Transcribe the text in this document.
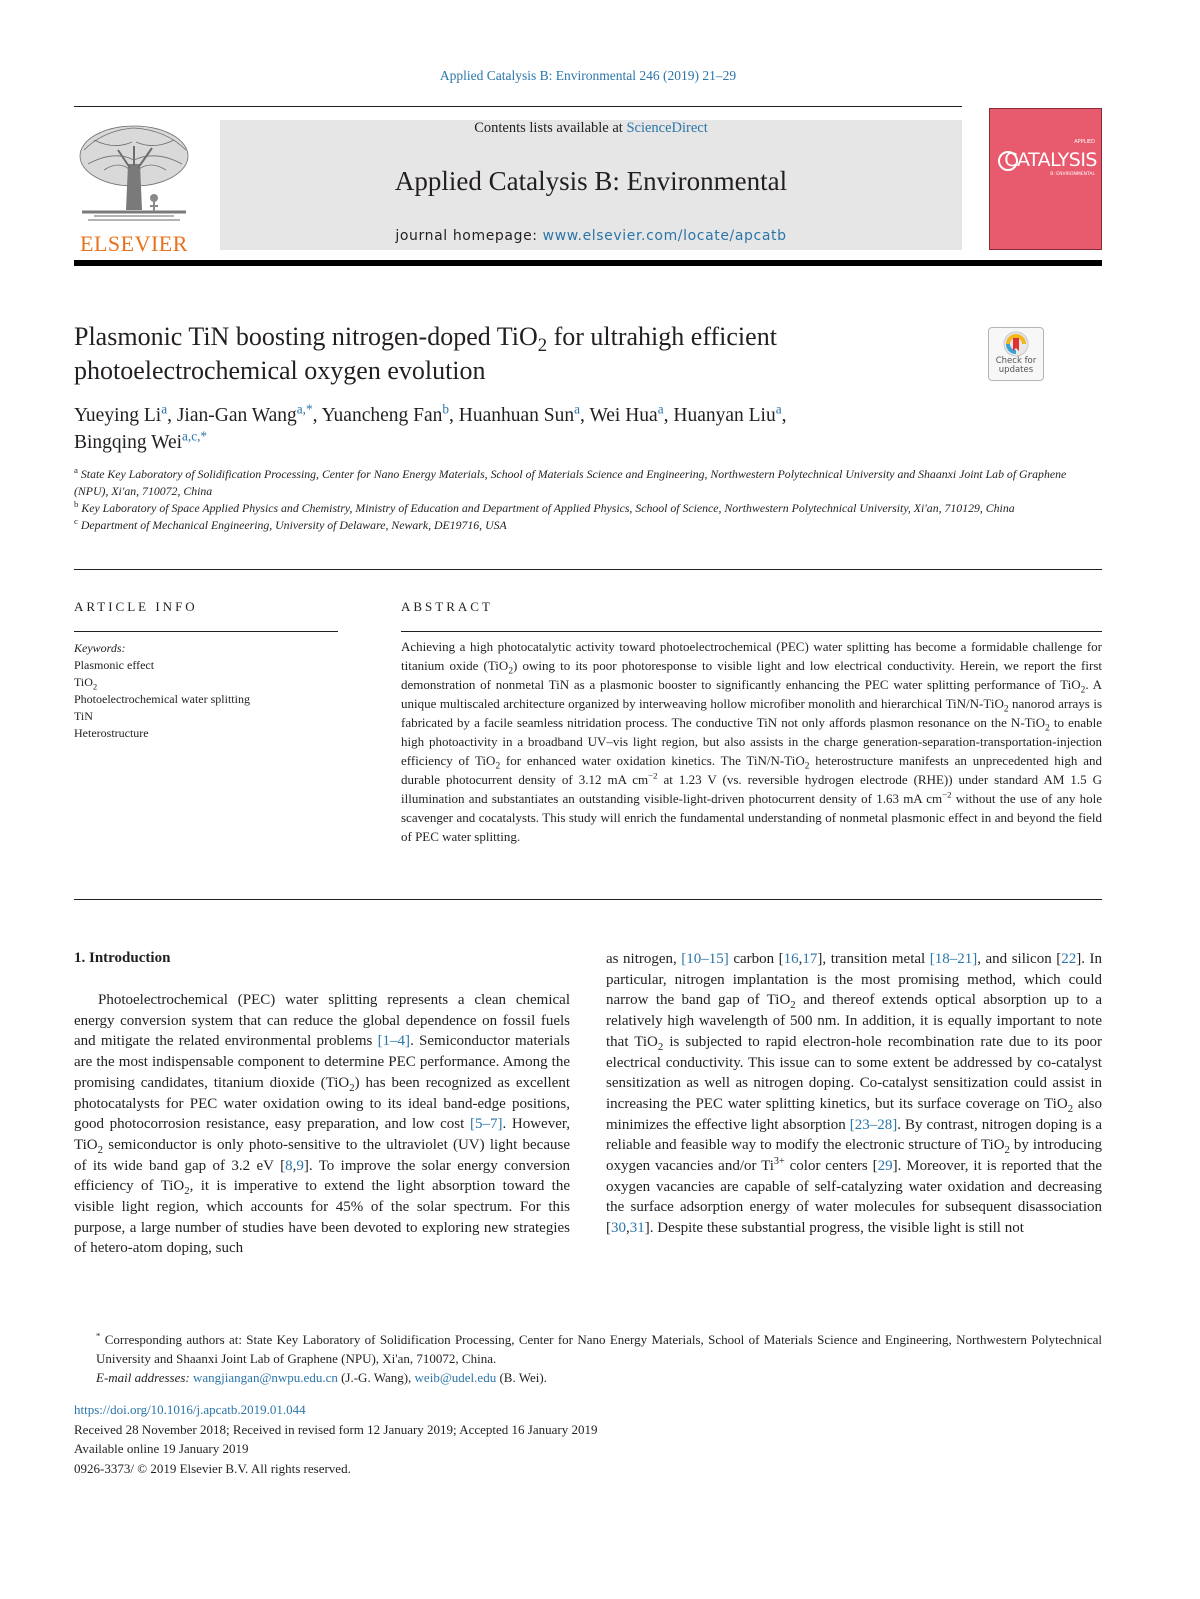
Applied Catalysis B: Environmental 246 (2019) 21–29
ELSEVIER
Contents lists available at ScienceDirect
Applied Catalysis B: Environmental
journal homepage: www.elsevier.com/locate/apcatb
APPLIED
CATALYSIS
B: ENVIRONMENTAL
Plasmonic TiN boosting nitrogen-doped TiO$_2$ for ultrahigh efficient
photoelectrochemical oxygen evolution	Check for
updates
Yueying Li$^a$, Jian-Gan Wang$^{a,*}$, Yuancheng Fan$^b$, Huanhuan Sun$^a$, Wei Hua$^a$, Huanyan Liu$^a$,
Bingqing Wei$^{a,c,*}$
$^a$ State Key Laboratory of Solidification Processing, Center for Nano Energy Materials, School of Materials Science and Engineering, Northwestern Polytechnical University and Shaanxi Joint Lab of Graphene (NPU), Xi'an, 710072, China
$^b$ Key Laboratory of Space Applied Physics and Chemistry, Ministry of Education and Department of Applied Physics, School of Science, Northwestern Polytechnical University, Xi'an, 710129, China
$^c$ Department of Mechanical Engineering, University of Delaware, Newark, DE19716, USA
ARTICLE INFO
Keywords:
Plasmonic effect
TiO$_2$
Photoelectrochemical water splitting
TiN
Heterostructure
ABSTRACT
Achieving a high photocatalytic activity toward photoelectrochemical (PEC) water splitting has become a formidable challenge for titanium oxide (TiO$_2$) owing to its poor photoresponse to visible light and low electrical conductivity. Herein, we report the first demonstration of nonmetal TiN as a plasmonic booster to significantly enhancing the PEC water splitting performance of TiO$_2$. A unique multiscaled architecture organized by interweaving hollow microfiber monolith and hierarchical TiN/N-TiO$_2$ nanorod arrays is fabricated by a facile seamless nitridation process. The conductive TiN not only affords plasmon resonance on the N-TiO$_2$ to enable high photoactivity in a broadband UV–vis light region, but also assists in the charge generation-separation-transportation-injection efficiency of TiO$_2$ for enhanced water oxidation kinetics. The TiN/N-TiO$_2$ heterostructure manifests an unprecedented high and durable photocurrent density of 3.12 mA $cm^{-2}$ at 1.23 V (vs. reversible hydrogen electrode (RHE)) under standard AM 1.5 G illumination and substantiates an outstanding visible-light-driven photocurrent density of 1.63 mA $cm^{-2}$ without the use of any hole scavenger and cocatalysts. This study will enrich the fundamental understanding of nonmetal plasmonic effect in and beyond the field of PEC water splitting.
1. Introduction
Photoelectrochemical (PEC) water splitting represents a clean chemical energy conversion system that can reduce the global dependence on fossil fuels and mitigate the related environmental problems [1–4]. Semiconductor materials are the most indispensable component to determine PEC performance. Among the promising candidates, titanium dioxide (TiO$_2$) has been recognized as excellent photocatalysts for PEC water oxidation owing to its ideal band-edge positions, good photocorrosion resistance, easy preparation, and low cost [5–7]. However, TiO$_2$ semiconductor is only photo-sensitive to the ultraviolet (UV) light because of its wide band gap of 3.2 eV [8,9]. To improve the solar energy conversion efficiency of TiO$_2$, it is imperative to extend the light absorption toward the visible light region, which accounts for 45% of the solar spectrum. For this purpose, a large number of studies have been devoted to exploring new strategies of hetero-atom doping, such
as nitrogen, [10–15] carbon [16,17], transition metal [18–21], and silicon [22]. In particular, nitrogen implantation is the most promising method, which could narrow the band gap of TiO$_2$ and thereof extends optical absorption up to a relatively high wavelength of 500 nm. In addition, it is equally important to note that TiO$_2$ is subjected to rapid electron-hole recombination rate due to its poor electrical conductivity. This issue can to some extent be addressed by co-catalyst sensitization as well as nitrogen doping. Co-catalyst sensitization could assist in increasing the PEC water splitting kinetics, but its surface coverage on TiO$_2$ also minimizes the effective light absorption [23–28]. By contrast, nitrogen doping is a reliable and feasible way to modify the electronic structure of TiO$_2$ by introducing oxygen vacancies and/or $Ti^{3+}$ color centers [29]. Moreover, it is reported that the oxygen vacancies are capable of self-catalyzing water oxidation and decreasing the surface adsorption energy of water molecules for subsequent disassociation [30,31]. Despite these substantial progress, the visible light is still not
* Corresponding authors at: State Key Laboratory of Solidification Processing, Center for Nano Energy Materials, School of Materials Science and Engineering, Northwestern Polytechnical University and Shaanxi Joint Lab of Graphene (NPU), Xi'an, 710072, China.
E-mail addresses: wangjiangan@nwpu.edu.cn (J.-G. Wang), weib@udel.edu (B. Wei).
https://doi.org/10.1016/j.apcatb.2019.01.044
Received 28 November 2018; Received in revised form 12 January 2019; Accepted 16 January 2019
Available online 19 January 2019
0926-3373/ © 2019 Elsevier B.V. All rights reserved.
